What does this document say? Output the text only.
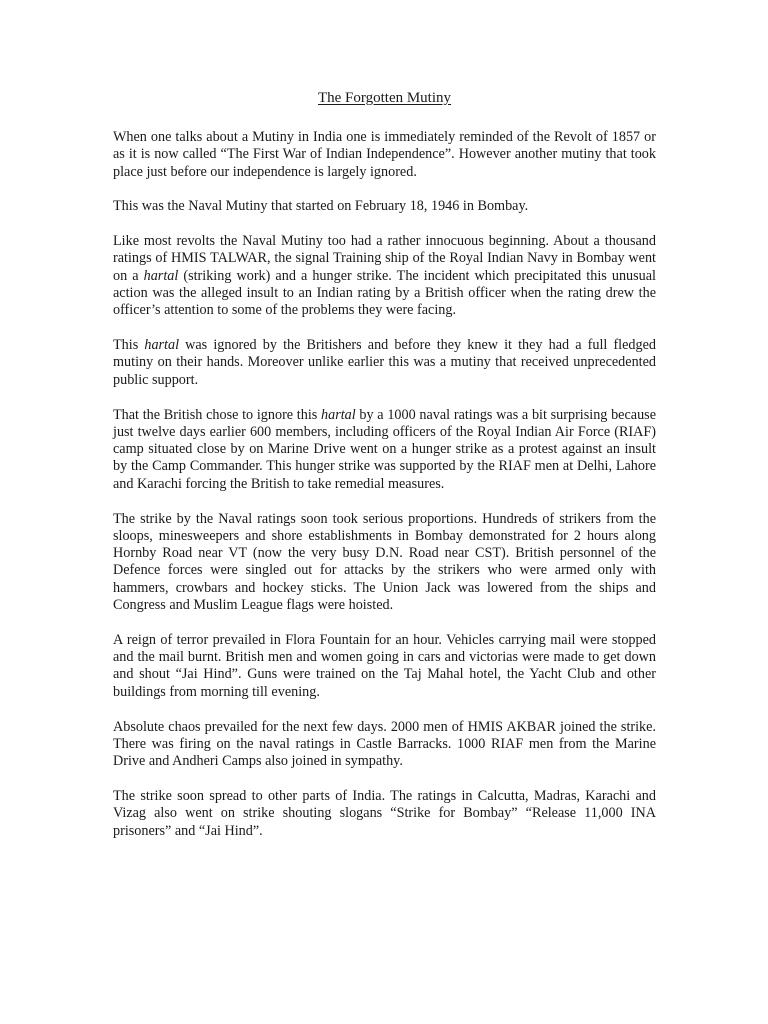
The Forgotten Mutiny

When one talks about a Mutiny in India one is immediately reminded of the Revolt of 1857 or as it is now called “The First War of Indian Independence”. However another mutiny that took place just before our independence is largely ignored.

This was the Naval Mutiny that started on February 18, 1946 in Bombay.

Like most revolts the Naval Mutiny too had a rather innocuous beginning. About a thousand ratings of HMIS TALWAR, the signal Training ship of the Royal Indian Navy in Bombay went on a hartal (striking work) and a hunger strike. The incident which precipitated this unusual action was the alleged insult to an Indian rating by a British officer when the rating drew the officer’s attention to some of the problems they were facing.

This hartal was ignored by the Britishers and before they knew it they had a full fledged mutiny on their hands. Moreover unlike earlier this was a mutiny that received unprecedented public support.

That the British chose to ignore this hartal by a 1000 naval ratings was a bit surprising because just twelve days earlier 600 members, including officers of the Royal Indian Air Force (RIAF) camp situated close by on Marine Drive went on a hunger strike as a protest against an insult by the Camp Commander. This hunger strike was supported by the RIAF men at Delhi, Lahore and Karachi forcing the British to take remedial measures.

The strike by the Naval ratings soon took serious proportions. Hundreds of strikers from the sloops, minesweepers and shore establishments in Bombay demonstrated for 2 hours along Hornby Road near VT (now the very busy D.N. Road near CST). British personnel of the Defence forces were singled out for attacks by the strikers who were armed only with hammers, crowbars and hockey sticks. The Union Jack was lowered from the ships and Congress and Muslim League flags were hoisted.

A reign of terror prevailed in Flora Fountain for an hour. Vehicles carrying mail were stopped and the mail burnt. British men and women going in cars and victorias were made to get down and shout “Jai Hind”. Guns were trained on the Taj Mahal hotel, the Yacht Club and other buildings from morning till evening.

Absolute chaos prevailed for the next few days. 2000 men of HMIS AKBAR joined the strike. There was firing on the naval ratings in Castle Barracks. 1000 RIAF men from the Marine Drive and Andheri Camps also joined in sympathy.

The strike soon spread to other parts of India. The ratings in Calcutta, Madras, Karachi and Vizag also went on strike shouting slogans “Strike for Bombay” “Release 11,000 INA prisoners” and “Jai Hind”.
